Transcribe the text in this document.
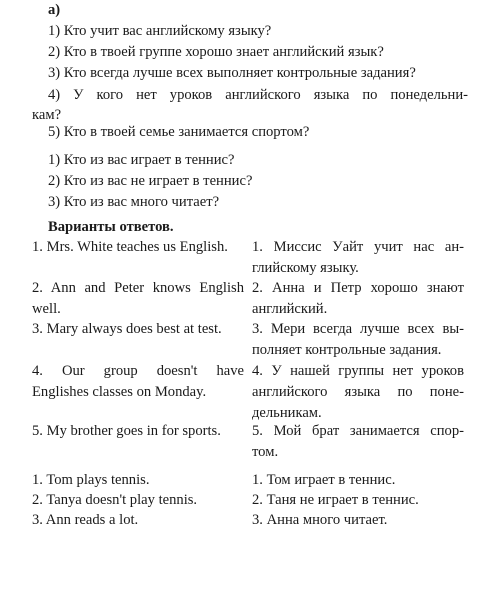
а)
1) Кто учит вас английскому языку?
2) Кто в твоей группе хорошо знает английский язык?
3) Кто всегда лучше всех выполняет контрольные задания?
4) У кого нет уроков английского языка по понедельни-
кам?
5) Кто в твоей семье занимается спортом?
1) Кто из вас играет в теннис?
2) Кто из вас не играет в теннис?
3) Кто из вас много читает?
Варианты ответов.
1. Mrs. White teaches us English.
2. Ann and Peter knows English
well.
3. Mary always does best at test.
4. Our group doesn't have
Englishes classes on Monday.
5. My brother goes in for sports.
1. Tom plays tennis.
2. Tanya doesn't play tennis.
3. Ann reads a lot.
1. Миссис Уайт учит нас ан-
глийскому языку.
2. Анна и Петр хорошо знают
английский.
3. Мери всегда лучше всех вы-
полняет контрольные задания.
4. У нашей группы нет уроков
английского языка по поне-
дельникам.
5. Мой брат занимается спор-
том.
1. Том играет в теннис.
2. Таня не играет в теннис.
3. Анна много читает.
